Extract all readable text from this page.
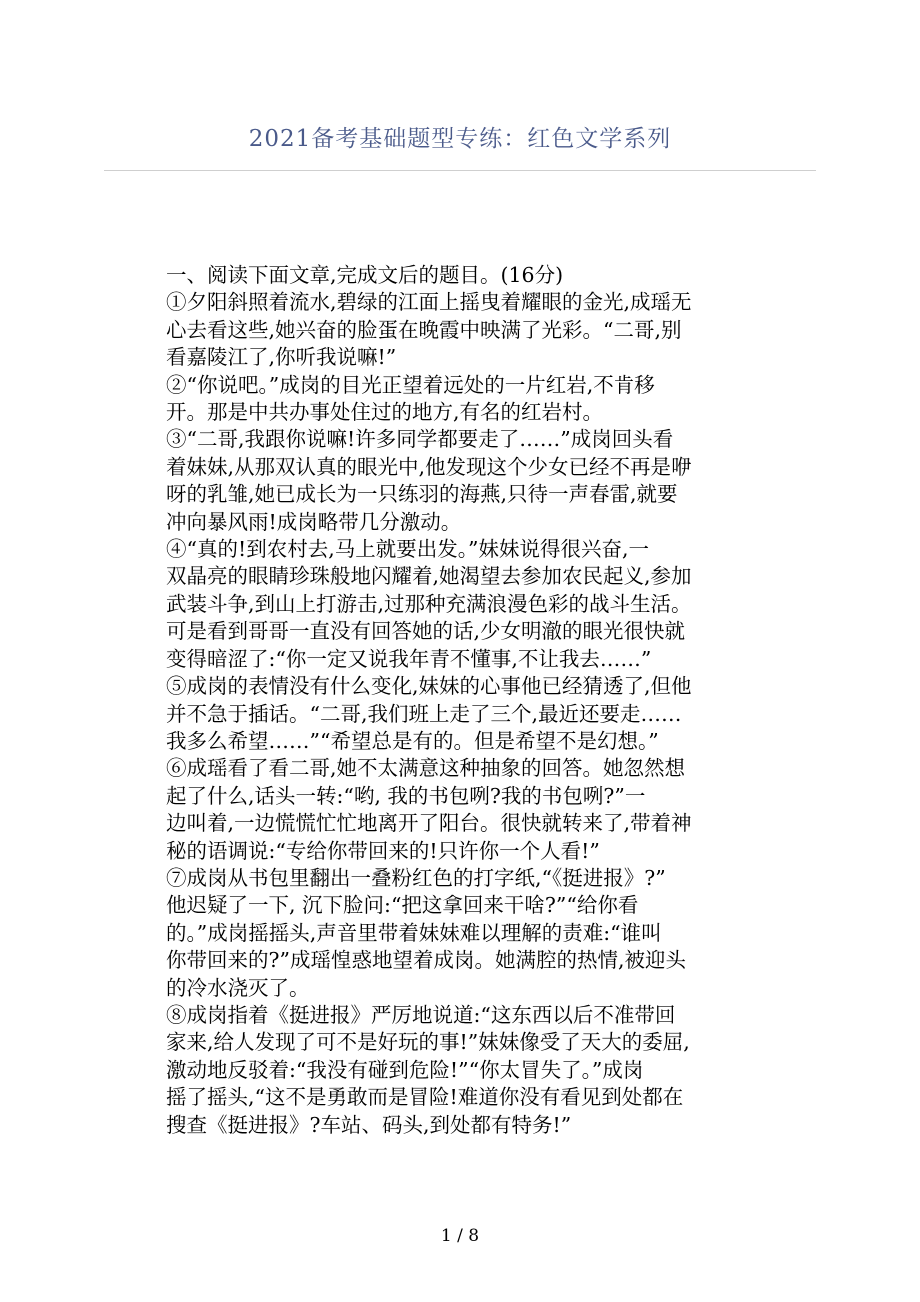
2021备考基础题型专练：红色文学系列

一、阅读下面文章,完成文后的题目。(16分)

①夕阳斜照着流水,碧绿的江面上摇曳着耀眼的金光,成瑶无
心去看这些,她兴奋的脸蛋在晚霞中映满了光彩。“二哥,别
看嘉陵江了,你听我说嘛!”

②“你说吧。”成岗的目光正望着远处的一片红岩,不肯移
开。那是中共办事处住过的地方,有名的红岩村。

③“二哥,我跟你说嘛!许多同学都要走了……”成岗回头看
着妹妹,从那双认真的眼光中,他发现这个少女已经不再是咿
呀的乳雏,她已成长为一只练羽的海燕,只待一声春雷,就要
冲向暴风雨!成岗略带几分激动。

④“真的!到农村去,马上就要出发。”妹妹说得很兴奋,一
双晶亮的眼睛珍珠般地闪耀着,她渴望去参加农民起义,参加
武装斗争,到山上打游击,过那种充满浪漫色彩的战斗生活。
可是看到哥哥一直没有回答她的话,少女明澈的眼光很快就
变得暗涩了:“你一定又说我年青不懂事,不让我去……”

⑤成岗的表情没有什么变化,妹妹的心事他已经猜透了,但他
并不急于插话。“二哥,我们班上走了三个,最近还要走……
我多么希望……”“希望总是有的。但是希望不是幻想。”

⑥成瑶看了看二哥,她不太满意这种抽象的回答。她忽然想
起了什么,话头一转:“哟, 我的书包咧?我的书包咧?”一
边叫着,一边慌慌忙忙地离开了阳台。很快就转来了,带着神
秘的语调说:“专给你带回来的!只许你一个人看!”

⑦成岗从书包里翻出一叠粉红色的打字纸,“《挺进报》?”
他迟疑了一下, 沉下脸问:“把这拿回来干啥?”“给你看
的。”成岗摇摇头,声音里带着妹妹难以理解的责难:“谁叫
你带回来的?”成瑶惶惑地望着成岗。她满腔的热情,被迎头
的冷水浇灭了。

⑧成岗指着《挺进报》严厉地说道:“这东西以后不准带回
家来,给人发现了可不是好玩的事!”妹妹像受了天大的委屈,
激动地反驳着:“我没有碰到危险!”“你太冒失了。”成岗
摇了摇头,“这不是勇敢而是冒险!难道你没有看见到处都在
搜查《挺进报》?车站、码头,到处都有特务!”

1 / 8
